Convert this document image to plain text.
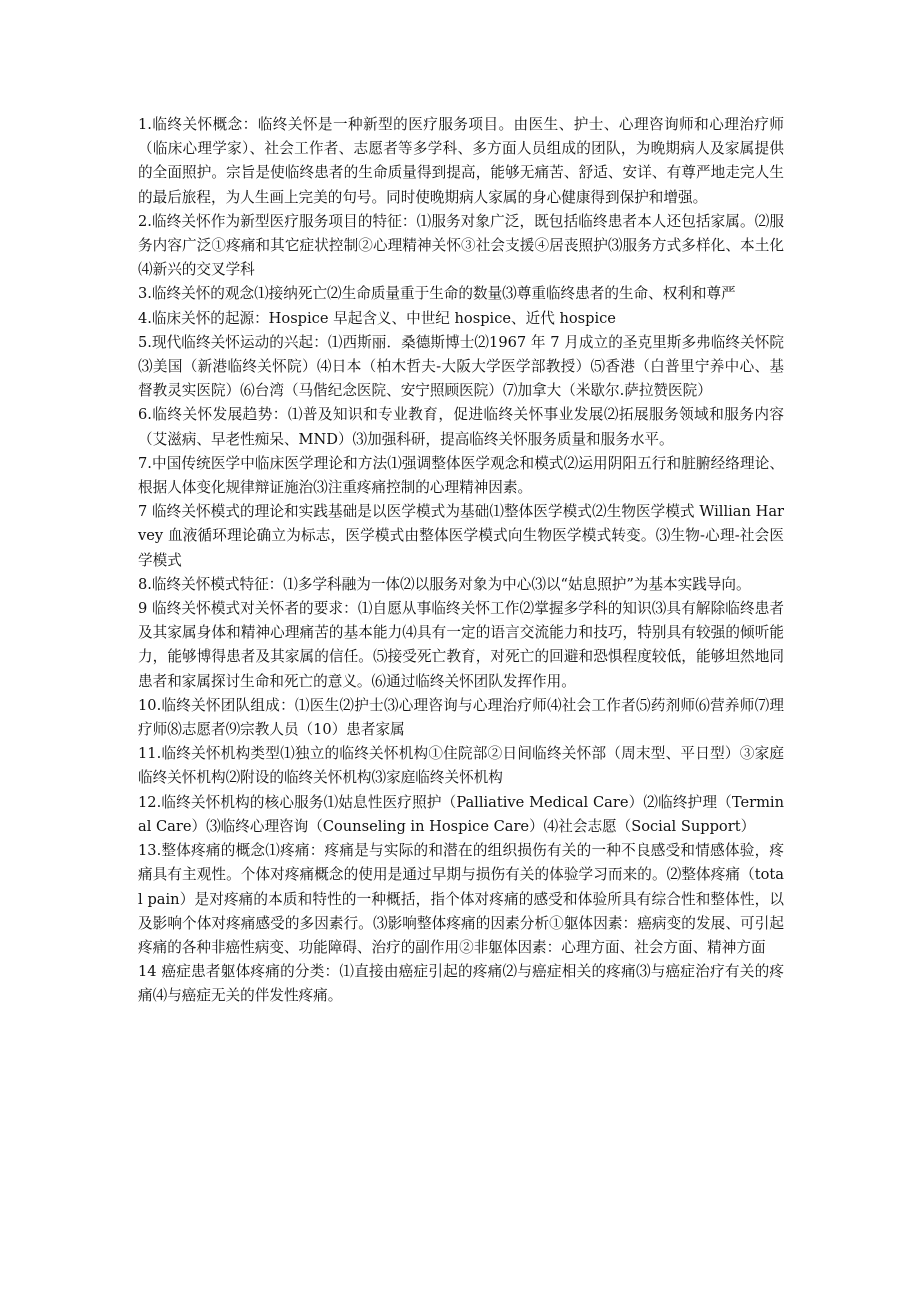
1.临终关怀概念：临终关怀是一种新型的医疗服务项目。由医生、护士、心理咨询师和心理治疗师（临床心理学家）、社会工作者、志愿者等多学科、多方面人员组成的团队，为晚期病人及家属提供的全面照护。宗旨是使临终患者的生命质量得到提高，能够无痛苦、舒适、安详、有尊严地走完人生的最后旅程，为人生画上完美的句号。同时使晚期病人家属的身心健康得到保护和增强。

2.临终关怀作为新型医疗服务项目的特征：⑴服务对象广泛，既包括临终患者本人还包括家属。⑵服务内容广泛①疼痛和其它症状控制②心理精神关怀③社会支援④居丧照护⑶服务方式多样化、本土化⑷新兴的交叉学科

3.临终关怀的观念⑴接纳死亡⑵生命质量重于生命的数量⑶尊重临终患者的生命、权利和尊严

4.临床关怀的起源：Hospice 早起含义、中世纪 hospice、近代 hospice

5.现代临终关怀运动的兴起：⑴西斯丽．桑德斯博士⑵1967 年 7 月成立的圣克里斯多弗临终关怀院⑶美国（新港临终关怀院）⑷日本（柏木哲夫-大阪大学医学部教授）⑸香港（白普里宁养中心、基督教灵实医院）⑹台湾（马偕纪念医院、安宁照顾医院）⑺加拿大（米歇尔.萨拉赞医院）

6.临终关怀发展趋势：⑴普及知识和专业教育，促进临终关怀事业发展⑵拓展服务领域和服务内容（艾滋病、早老性痴呆、MND）⑶加强科研，提高临终关怀服务质量和服务水平。

7.中国传统医学中临床医学理论和方法⑴强调整体医学观念和模式⑵运用阴阳五行和脏腑经络理论、根据人体变化规律辩证施治⑶注重疼痛控制的心理精神因素。

7 临终关怀模式的理论和实践基础是以医学模式为基础⑴整体医学模式⑵生物医学模式 Willian Harvey 血液循环理论确立为标志，医学模式由整体医学模式向生物医学模式转变。⑶生物-心理-社会医学模式

8.临终关怀模式特征：⑴多学科融为一体⑵以服务对象为中心⑶以“姑息照护”为基本实践导向。

9 临终关怀模式对关怀者的要求：⑴自愿从事临终关怀工作⑵掌握多学科的知识⑶具有解除临终患者及其家属身体和精神心理痛苦的基本能力⑷具有一定的语言交流能力和技巧，特别具有较强的倾听能力，能够博得患者及其家属的信任。⑸接受死亡教育，对死亡的回避和恐惧程度较低，能够坦然地同患者和家属探讨生命和死亡的意义。⑹通过临终关怀团队发挥作用。

10.临终关怀团队组成：⑴医生⑵护士⑶心理咨询与心理治疗师⑷社会工作者⑸药剂师⑹营养师⑺理疗师⑻志愿者⑼宗教人员（10）患者家属

11.临终关怀机构类型⑴独立的临终关怀机构①住院部②日间临终关怀部（周末型、平日型）③家庭临终关怀机构⑵附设的临终关怀机构⑶家庭临终关怀机构

12.临终关怀机构的核心服务⑴姑息性医疗照护（Palliative Medical Care）⑵临终护理（Terminal Care）⑶临终心理咨询（Counseling in Hospice Care）⑷社会志愿（Social Support）

13.整体疼痛的概念⑴疼痛：疼痛是与实际的和潜在的组织损伤有关的一种不良感受和情感体验，疼痛具有主观性。个体对疼痛概念的使用是通过早期与损伤有关的体验学习而来的。⑵整体疼痛（total pain）是对疼痛的本质和特性的一种概括，指个体对疼痛的感受和体验所具有综合性和整体性，以及影响个体对疼痛感受的多因素行。⑶影响整体疼痛的因素分析①躯体因素：癌病变的发展、可引起疼痛的各种非癌性病变、功能障碍、治疗的副作用②非躯体因素：心理方面、社会方面、精神方面

14 癌症患者躯体疼痛的分类：⑴直接由癌症引起的疼痛⑵与癌症相关的疼痛⑶与癌症治疗有关的疼痛⑷与癌症无关的伴发性疼痛。
